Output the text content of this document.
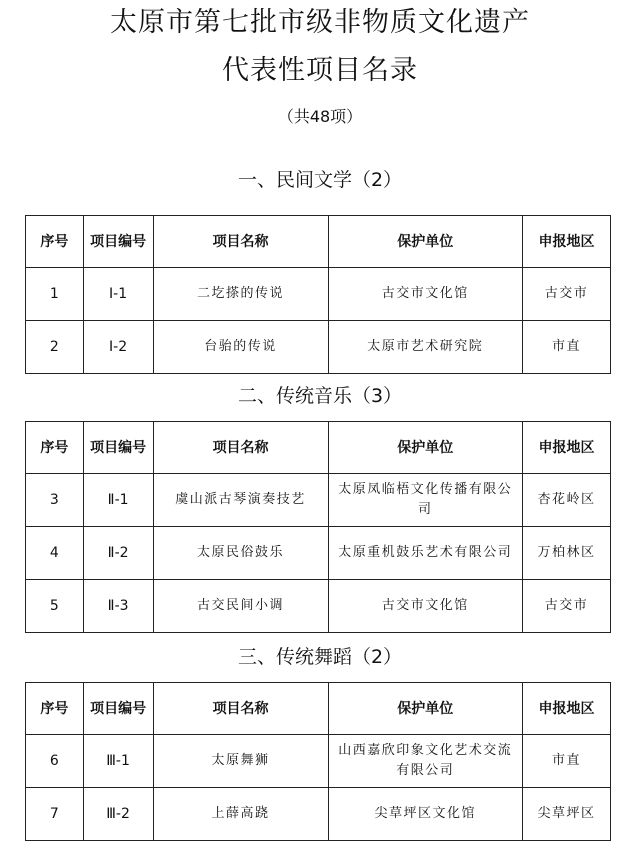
太原市第七批市级非物质文化遗产
代表性项目名录
（共48项）
一、民间文学（2）
序号	项目编号	项目名称	保护单位	申报地区
1	Ⅰ-1	二圪搽的传说	古交市文化馆	古交市
2	Ⅰ-2	台骀的传说	太原市艺术研究院	市直
二、传统音乐（3）
序号	项目编号	项目名称	保护单位	申报地区
3	Ⅱ-1	虞山派古琴演奏技艺	太原凤临梧文化传播有限公司	杏花岭区
4	Ⅱ-2	太原民俗鼓乐	太原重机鼓乐艺术有限公司	万柏林区
5	Ⅱ-3	古交民间小调	古交市文化馆	古交市
三、传统舞蹈（2）
序号	项目编号	项目名称	保护单位	申报地区
6	Ⅲ-1	太原舞狮	山西嘉欣印象文化艺术交流有限公司	市直
7	Ⅲ-2	上薛高跷	尖草坪区文化馆	尖草坪区
